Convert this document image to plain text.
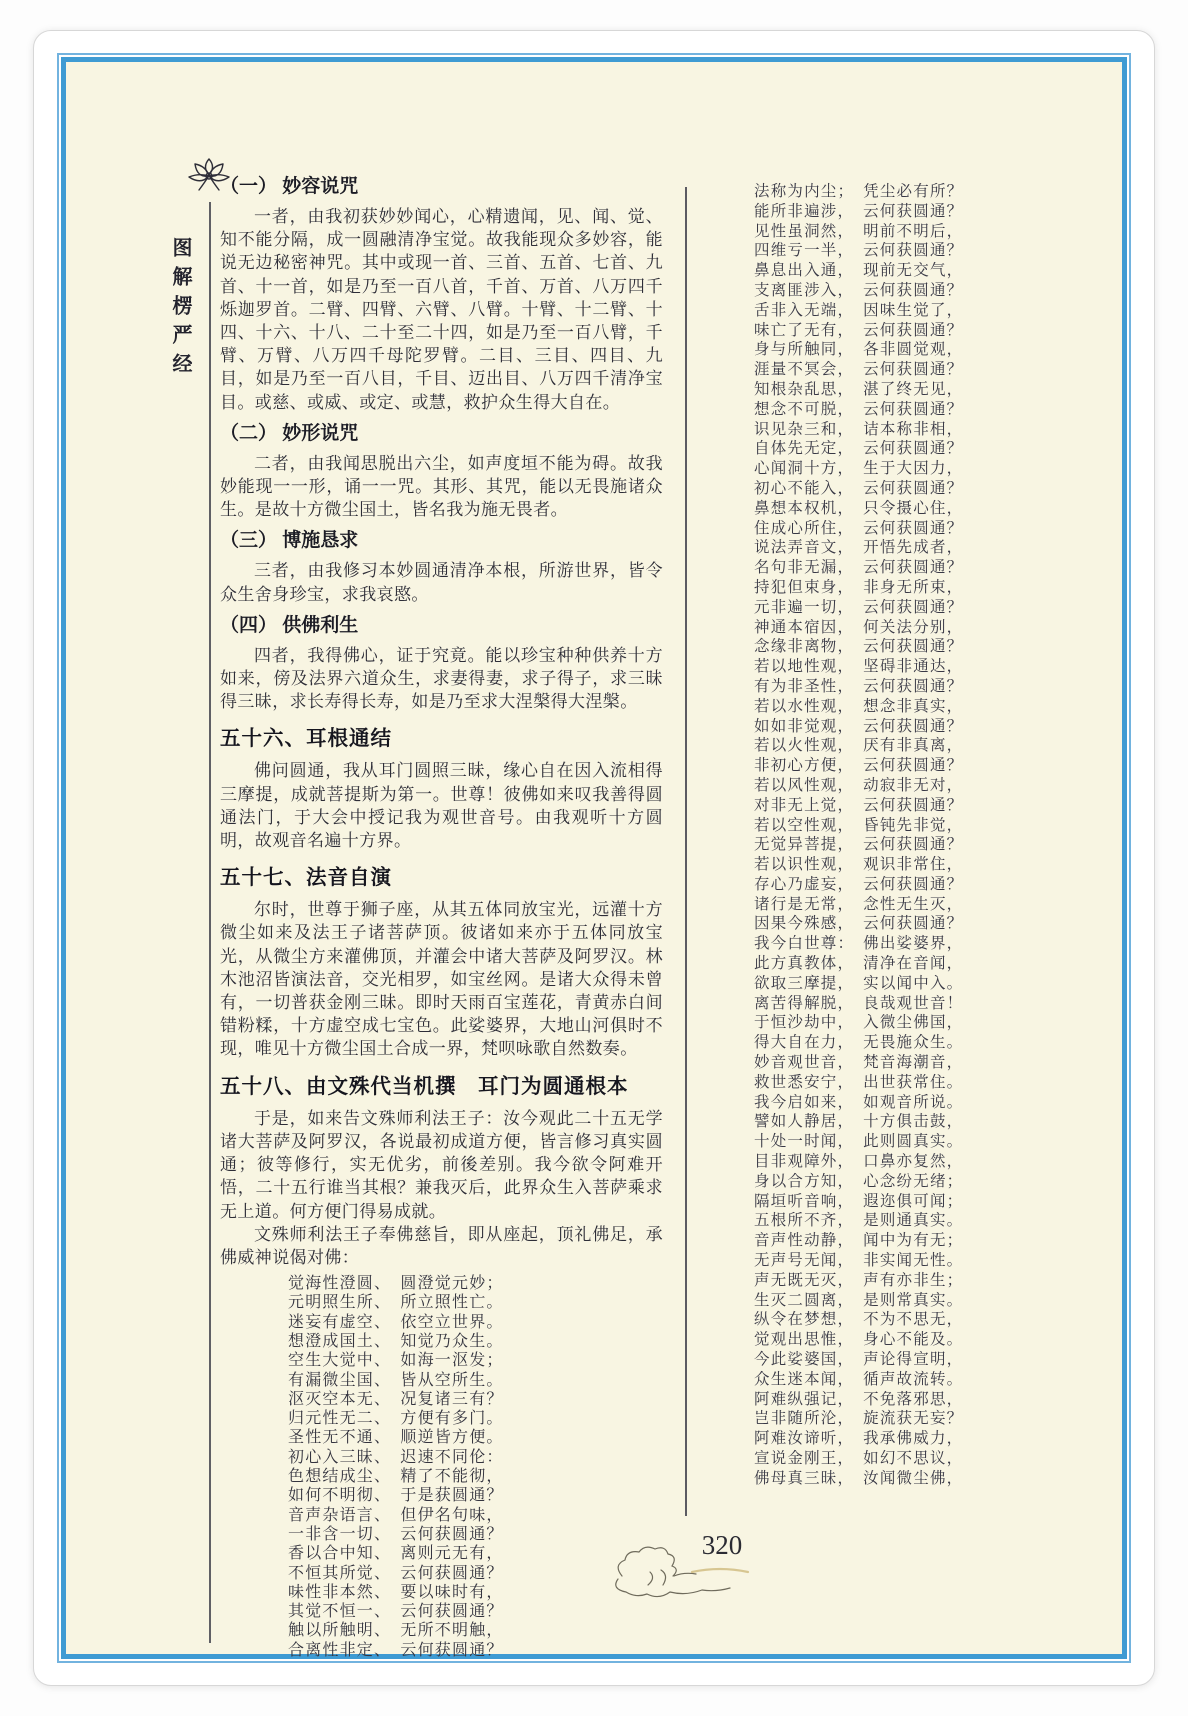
图解楞严经
（一） 妙容说咒
一者，由我初获妙妙闻心，心精遗闻，见、闻、觉、知不能分隔，成一圆融清净宝觉。故我能现众多妙容，能说无边秘密神咒。其中或现一首、三首、五首、七首、九首、十一首，如是乃至一百八首，千首、万首、八万四千烁迦罗首。二臂、四臂、六臂、八臂。十臂、十二臂、十四、十六、十八、二十至二十四，如是乃至一百八臂，千臂、万臂、八万四千母陀罗臂。二目、三目、四目、九目，如是乃至一百八目，千目、迈出目、八万四千清净宝目。或慈、或威、或定、或慧，救护众生得大自在。
（二） 妙形说咒
二者，由我闻思脱出六尘，如声度垣不能为碍。故我妙能现一一形，诵一一咒。其形、其咒，能以无畏施诸众生。是故十方微尘国土，皆名我为施无畏者。
（三） 博施恳求
三者，由我修习本妙圆通清净本根，所游世界，皆令众生舍身珍宝，求我哀愍。
（四） 供佛利生
四者，我得佛心，证于究竟。能以珍宝种种供养十方如来，傍及法界六道众生，求妻得妻，求子得子，求三昧得三昧，求长寿得长寿，如是乃至求大涅槃得大涅槃。
五十六、耳根通结
佛问圆通，我从耳门圆照三昧，缘心自在因入流相得三摩提，成就菩提斯为第一。世尊！彼佛如来叹我善得圆通法门，于大会中授记我为观世音号。由我观听十方圆明，故观音名遍十方界。
五十七、法音自演
尔时，世尊于狮子座，从其五体同放宝光，远灌十方微尘如来及法王子诸菩萨顶。彼诸如来亦于五体同放宝光，从微尘方来灌佛顶，并灌会中诸大菩萨及阿罗汉。林木池沼皆演法音，交光相罗，如宝丝网。是诸大众得未曾有，一切普获金刚三昧。即时天雨百宝莲花，青黄赤白间错粉糅，十方虚空成七宝色。此娑婆界，大地山河俱时不现，唯见十方微尘国土合成一界，梵呗咏歌自然数奏。
五十八、由文殊代当机撰　耳门为圆通根本
于是，如来告文殊师利法王子：汝今观此二十五无学诸大菩萨及阿罗汉，各说最初成道方便，皆言修习真实圆通；彼等修行，实无优劣，前後差别。我今欲令阿难开悟，二十五行谁当其根？兼我灭后，此界众生入菩萨乘求无上道。何方便门得易成就。
文殊师利法王子奉佛慈旨，即从座起，顶礼佛足，承佛威神说偈对佛：
觉海性澄圆、　圆澄觉元妙；
元明照生所、　所立照性亡。
迷妄有虚空、　依空立世界。
想澄成国土、　知觉乃众生。
空生大觉中、　如海一沤发；
有漏微尘国、　皆从空所生。
沤灭空本无、　况复诸三有？
归元性无二、　方便有多门。
圣性无不通、　顺逆皆方便。
初心入三昧、　迟速不同伦：
色想结成尘、　精了不能彻，
如何不明彻、　于是获圆通？
音声杂语言、　但伊名句味，
一非含一切、　云何获圆通？
香以合中知、　离则元无有，
不恒其所觉、　云何获圆通？
味性非本然、　要以味时有，
其觉不恒一、　云何获圆通？
触以所触明、　无所不明触，
合离性非定、　云何获圆通？
法称为内尘；　凭尘必有所？
能所非遍涉，　云何获圆通？
见性虽洞然，　明前不明后，
四维亏一半，　云何获圆通？
鼻息出入通，　现前无交气，
支离匪涉入，　云何获圆通？
舌非入无端，　因味生觉了，
味亡了无有，　云何获圆通？
身与所触同，　各非圆觉观，
涯量不冥会，　云何获圆通？
知根杂乱思，　湛了终无见，
想念不可脱，　云何获圆通？
识见杂三和，　诘本称非相，
自体先无定，　云何获圆通？
心闻洞十方，　生于大因力，
初心不能入，　云何获圆通？
鼻想本权机，　只令摄心住，
住成心所住，　云何获圆通？
说法弄音文，　开悟先成者，
名句非无漏，　云何获圆通？
持犯但束身，　非身无所束，
元非遍一切，　云何获圆通？
神通本宿因，　何关法分别，
念缘非离物，　云何获圆通？
若以地性观，　坚碍非通达，
有为非圣性，　云何获圆通？
若以水性观，　想念非真实，
如如非觉观，　云何获圆通？
若以火性观，　厌有非真离，
非初心方便，　云何获圆通？
若以风性观，　动寂非无对，
对非无上觉，　云何获圆通？
若以空性观，　昏钝先非觉，
无觉异菩提，　云何获圆通？
若以识性观，　观识非常住，
存心乃虚妄，　云何获圆通？
诸行是无常，　念性无生灭，
因果今殊感，　云何获圆通？
我今白世尊：　佛出娑婆界，
此方真教体，　清净在音闻，
欲取三摩提，　实以闻中入。
离苦得解脱，　良哉观世音！
于恒沙劫中，　入微尘佛国，
得大自在力，　无畏施众生。
妙音观世音，　梵音海潮音，
救世悉安宁，　出世获常住。
我今启如来，　如观音所说。
譬如人静居，　十方俱击鼓，
十处一时闻，　此则圆真实。
目非观障外，　口鼻亦复然，
身以合方知，　心念纷无绪；
隔垣听音响，　遐迩俱可闻；
五根所不齐，　是则通真实。
音声性动静，　闻中为有无；
无声号无闻，　非实闻无性。
声无既无灭，　声有亦非生；
生灭二圆离，　是则常真实。
纵令在梦想，　不为不思无，
觉观出思惟，　身心不能及。
今此娑婆国，　声论得宣明，
众生迷本闻，　循声故流转。
阿难纵强记，　不免落邪思，
岂非随所沦，　旋流获无妄？
阿难汝谛听，　我承佛威力，
宣说金刚王，　如幻不思议，
佛母真三昧，　汝闻微尘佛，
320
